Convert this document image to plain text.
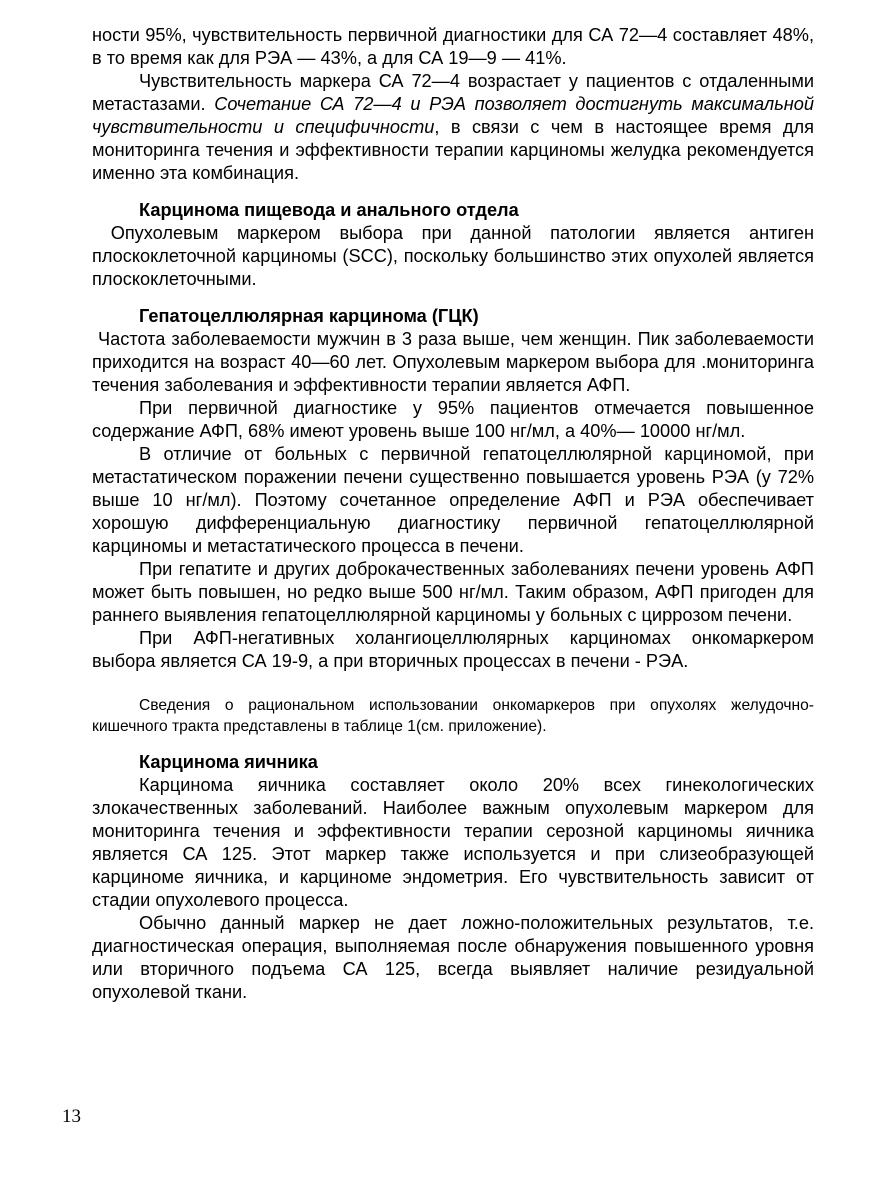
ности 95%, чувствительность первичной диагностики для СА 72—4 составляет 48%, в то время как для РЭА — 43%, а для СА 19—9 — 41%.

Чувствительность маркера СА 72—4 возрастает у пациентов с отдаленными метастазами. Сочетание СА 72—4 и РЭА позволяет достигнуть максимальной чувствительности и специфичности, в связи с чем в настоящее время для мониторинга течения и эффективности терапии карциномы желудка рекомендуется именно эта комбинация.

Карцинома пищевода и анального отдела

Опухолевым маркером выбора при данной патологии является антиген плоскоклеточной карциномы (SCC), поскольку большинство этих опухолей является плоскоклеточными.

Гепатоцеллюлярная карцинома (ГЦК)

Частота заболеваемости мужчин в 3 раза выше, чем женщин. Пик заболеваемости приходится на возраст 40—60 лет. Опухолевым маркером выбора для .мониторинга течения заболевания и эффективности терапии является АФП.

При первичной диагностике у 95% пациентов отмечается повышенное содержание АФП, 68% имеют уровень выше 100 нг/мл, а 40%— 10000 нг/мл.

В отличие от больных с первичной гепатоцеллюлярной карциномой, при метастатическом поражении печени существенно повышается уровень РЭА (у 72% выше 10 нг/мл). Поэтому сочетанное определение АФП и РЭА обеспечивает хорошую дифференциальную диагностику первичной гепатоцеллюлярной карциномы и метастатического процесса в печени.

При гепатите и других доброкачественных заболеваниях печени уровень АФП может быть повышен, но редко выше 500 нг/мл. Таким образом, АФП пригоден для раннего выявления гепатоцеллюлярной карциномы у больных с циррозом печени.

При АФП-негативных холангиоцеллюлярных карциномах онкомаркером выбора является СА 19-9, а при вторичных процессах в печени - РЭА.

Сведения о рациональном использовании онкомаркеров при опухолях желудочно-кишечного тракта представлены в таблице 1(см. приложение).

Карцинома яичника

Карцинома яичника составляет около 20% всех гинекологических злокачественных заболеваний. Наиболее важным опухолевым маркером для мониторинга течения и эффективности терапии серозной карциномы яичника является СА 125. Этот маркер также используется и при слизеобразующей карциноме яичника, и карциноме эндометрия. Его чувствительность зависит от стадии опухолевого процесса.

Обычно данный маркер не дает ложно-положительных результатов, т.е. диагностическая операция, выполняемая после обнаружения повышенного уровня или вторичного подъема СА 125, всегда выявляет наличие резидуальной опухолевой ткани.

13
